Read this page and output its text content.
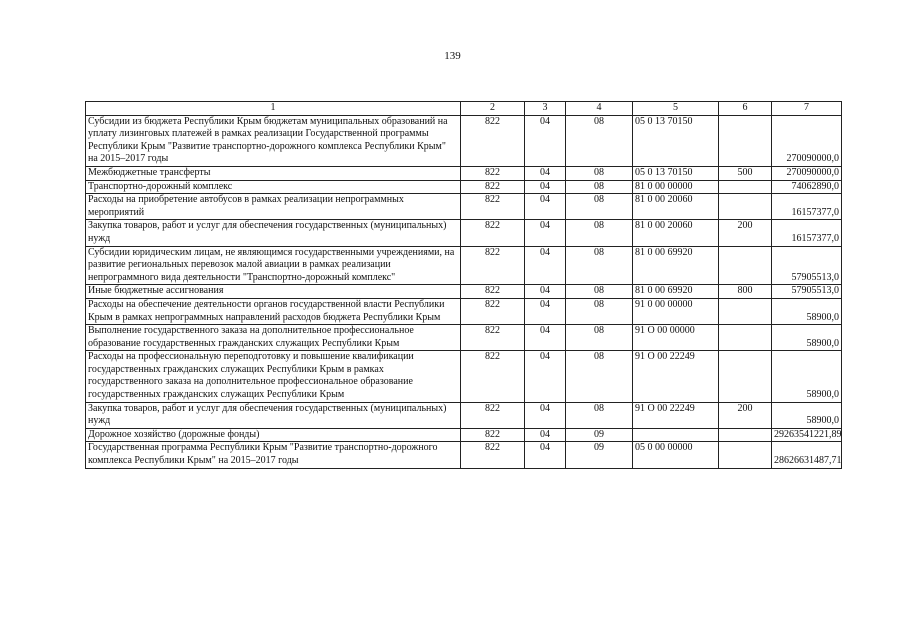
139
1	2	3	4	5	6	7
Субсидии из бюджета Республики Крым бюджетам муниципальных образований на уплату лизинговых платежей в рамках реализации Государственной программы Республики Крым "Развитие транспортно-дорожного комплекса Республики Крым" на 2015–2017 годы	822	04	08	05 0 13 70150		270090000,0
Межбюджетные трансферты	822	04	08	05 0 13 70150	500	270090000,0
Транспортно-дорожный комплекс	822	04	08	81 0 00 00000		74062890,0
Расходы на приобретение автобусов в рамках реализации непрограммных мероприятий	822	04	08	81 0 00 20060		16157377,0
Закупка товаров, работ и услуг для обеспечения государственных (муниципальных) нужд	822	04	08	81 0 00 20060	200	16157377,0
Субсидии юридическим лицам, не являющимся государственными учреждениями, на развитие региональных перевозок малой авиации в рамках реализации непрограммного вида деятельности "Транспортно-дорожный комплекс"	822	04	08	81 0 00 69920		57905513,0
Иные бюджетные ассигнования	822	04	08	81 0 00 69920	800	57905513,0
Расходы на обеспечение деятельности органов государственной власти Республики Крым в рамках непрограммных направлений расходов бюджета Республики Крым	822	04	08	91 0 00 00000		58900,0
Выполнение государственного заказа на дополнительное профессиональное образование государственных гражданских служащих Республики Крым	822	04	08	91 О 00 00000		58900,0
Расходы на профессиональную переподготовку и повышение квалификации государственных гражданских служащих Республики Крым в рамках государственного заказа на дополнительное профессиональное образование государственных гражданских служащих Республики Крым	822	04	08	91 О 00 22249		58900,0
Закупка товаров, работ и услуг для обеспечения государственных (муниципальных) нужд	822	04	08	91 О 00 22249	200	58900,0
Дорожное хозяйство (дорожные фонды)	822	04	09			29263541221,89
Государственная программа Республики Крым "Развитие транспортно-дорожного комплекса Республики Крым" на 2015–2017 годы	822	04	09	05 0 00 00000		28626631487,71
